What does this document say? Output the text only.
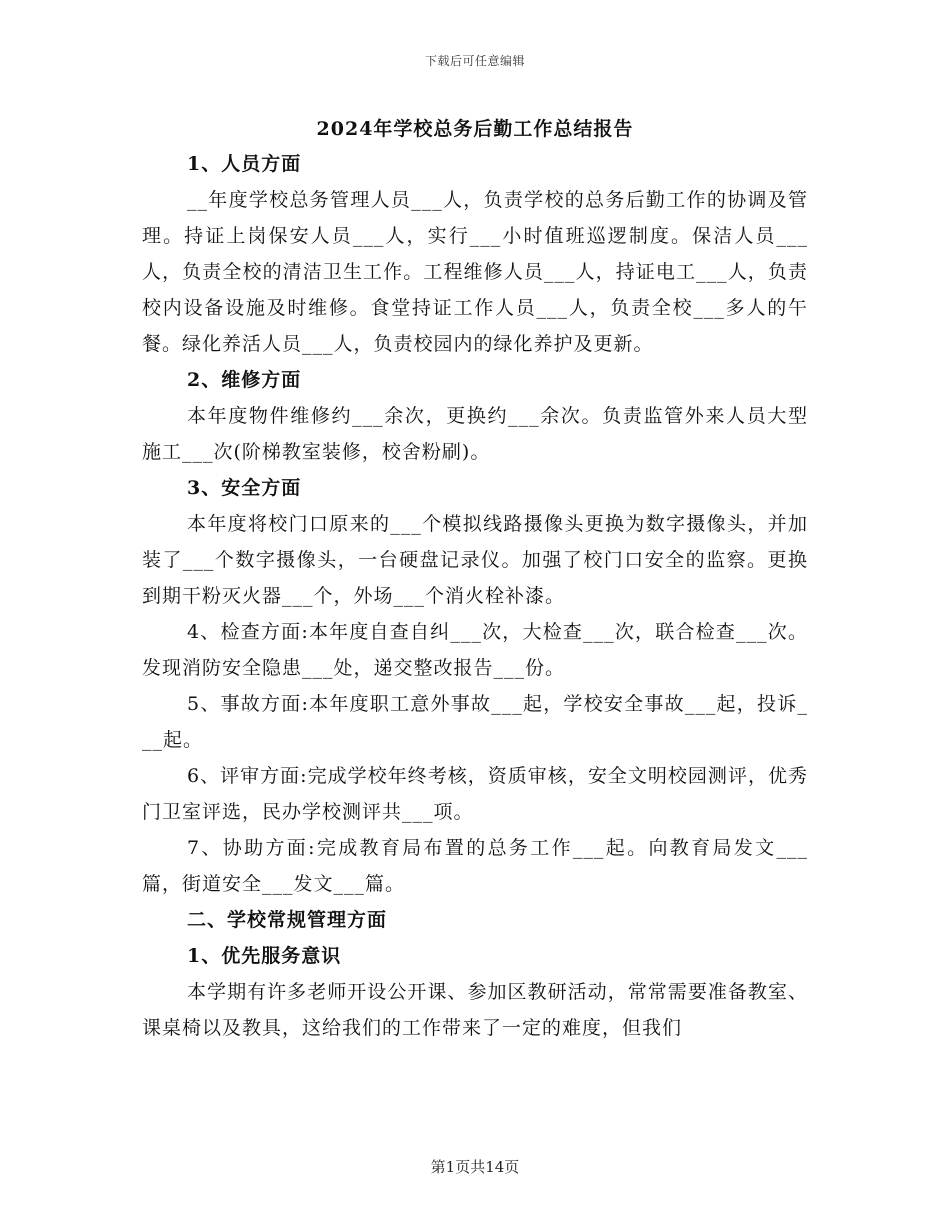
下载后可任意编辑
2024年学校总务后勤工作总结报告

1、人员方面

__年度学校总务管理人员___人，负责学校的总务后勤工作的协调及管理。持证上岗保安人员___人，实行___小时值班巡逻制度。保洁人员___人，负责全校的清洁卫生工作。工程维修人员___人，持证电工___人，负责校内设备设施及时维修。食堂持证工作人员___人，负责全校___多人的午餐。绿化养活人员___人，负责校园内的绿化养护及更新。

2、维修方面

本年度物件维修约___余次，更换约___余次。负责监管外来人员大型施工___次(阶梯教室装修，校舍粉刷)。

3、安全方面

本年度将校门口原来的___个模拟线路摄像头更换为数字摄像头，并加装了___个数字摄像头，一台硬盘记录仪。加强了校门口安全的监察。更换到期干粉灭火器___个，外场___个消火栓补漆。

4、检查方面:本年度自查自纠___次，大检查___次，联合检查___次。发现消防安全隐患___处，递交整改报告___份。

5、事故方面:本年度职工意外事故___起，学校安全事故___起，投诉___起。

6、评审方面:完成学校年终考核，资质审核，安全文明校园测评，优秀门卫室评选，民办学校测评共___项。

7、协助方面:完成教育局布置的总务工作___起。向教育局发文___篇，街道安全___发文___篇。

二、学校常规管理方面

1、优先服务意识

本学期有许多老师开设公开课、参加区教研活动，常常需要准备教室、课桌椅以及教具，这给我们的工作带来了一定的难度，但我们

第1页共14页
